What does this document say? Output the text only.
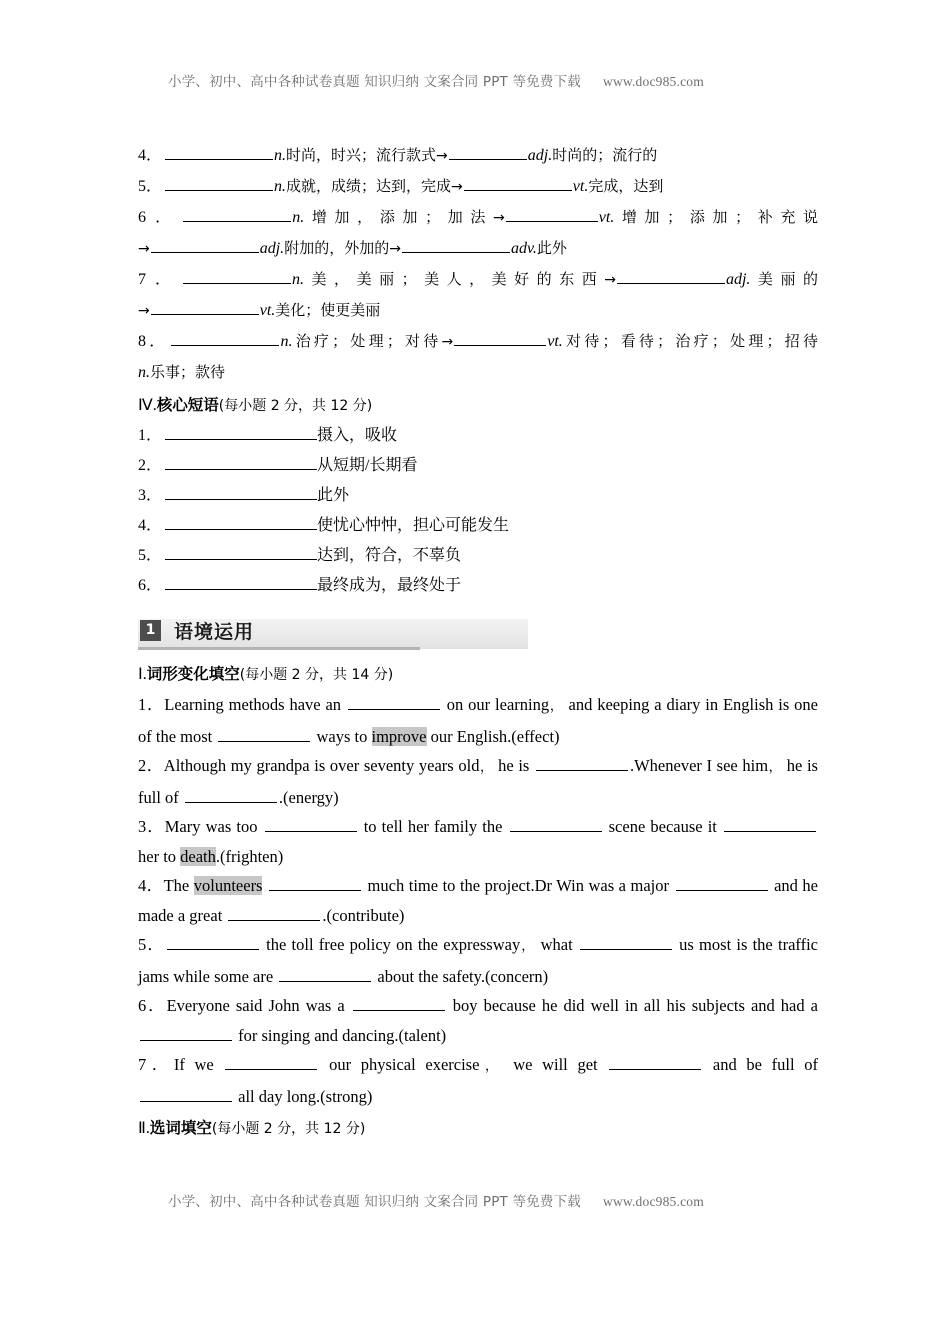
小学、初中、高中各种试卷真题 知识归纳 文案合同 PPT 等免费下载 www.doc985.com
4．	n.时尚，时兴；流行款式→	adj.时尚的；流行的
5．	n.成就，成绩；达到，完成→	vt.完成，达到
6．	n.增加，添加；加法→	vt.增加；添加；补充说
→	adj.附加的，外加的→	adv.此外
7．	n.美，美丽；美人，美好的东西→	adj.美丽的
→	vt.美化；使更美丽
8．	n.治疗；处理；对待→	vt.对待；看待；治疗；处理；招待
n.乐事；款待
Ⅳ.核心短语(每小题 2 分，共 12 分)
1．	摄入，吸收
2．	从短期/长期看
3．	此外
4．	使忧心忡忡，担心可能发生
5．	达到，符合，不辜负
6．	最终成为，最终处于
1 语境运用
Ⅰ.词形变化填空(每小题 2 分，共 14 分)

1．Learning methods have an	on our learning， and keeping a diary in English is one of the most	ways to improve our English.(effect)

2．Although my grandpa is over seventy years old， he is	.Whenever I see him， he is full of	.(energy)

3．Mary was too	to tell her family the	scene because it  her to death.(frighten)

4．The volunteers	much time to the project.Dr Win was a major	and he made a great	.(contribute)

5．	the toll free policy on the expressway， what	us most is the traffic jams while some are	about the safety.(concern)

6．Everyone said John was a	boy because he did well in all his subjects and had a  for singing and dancing.(talent)

7．If we	our physical exercise， we will get	and be full of  all day long.(strong)

Ⅱ.选词填空(每小题 2 分，共 12 分)
小学、初中、高中各种试卷真题 知识归纳 文案合同 PPT 等免费下载 www.doc985.com
